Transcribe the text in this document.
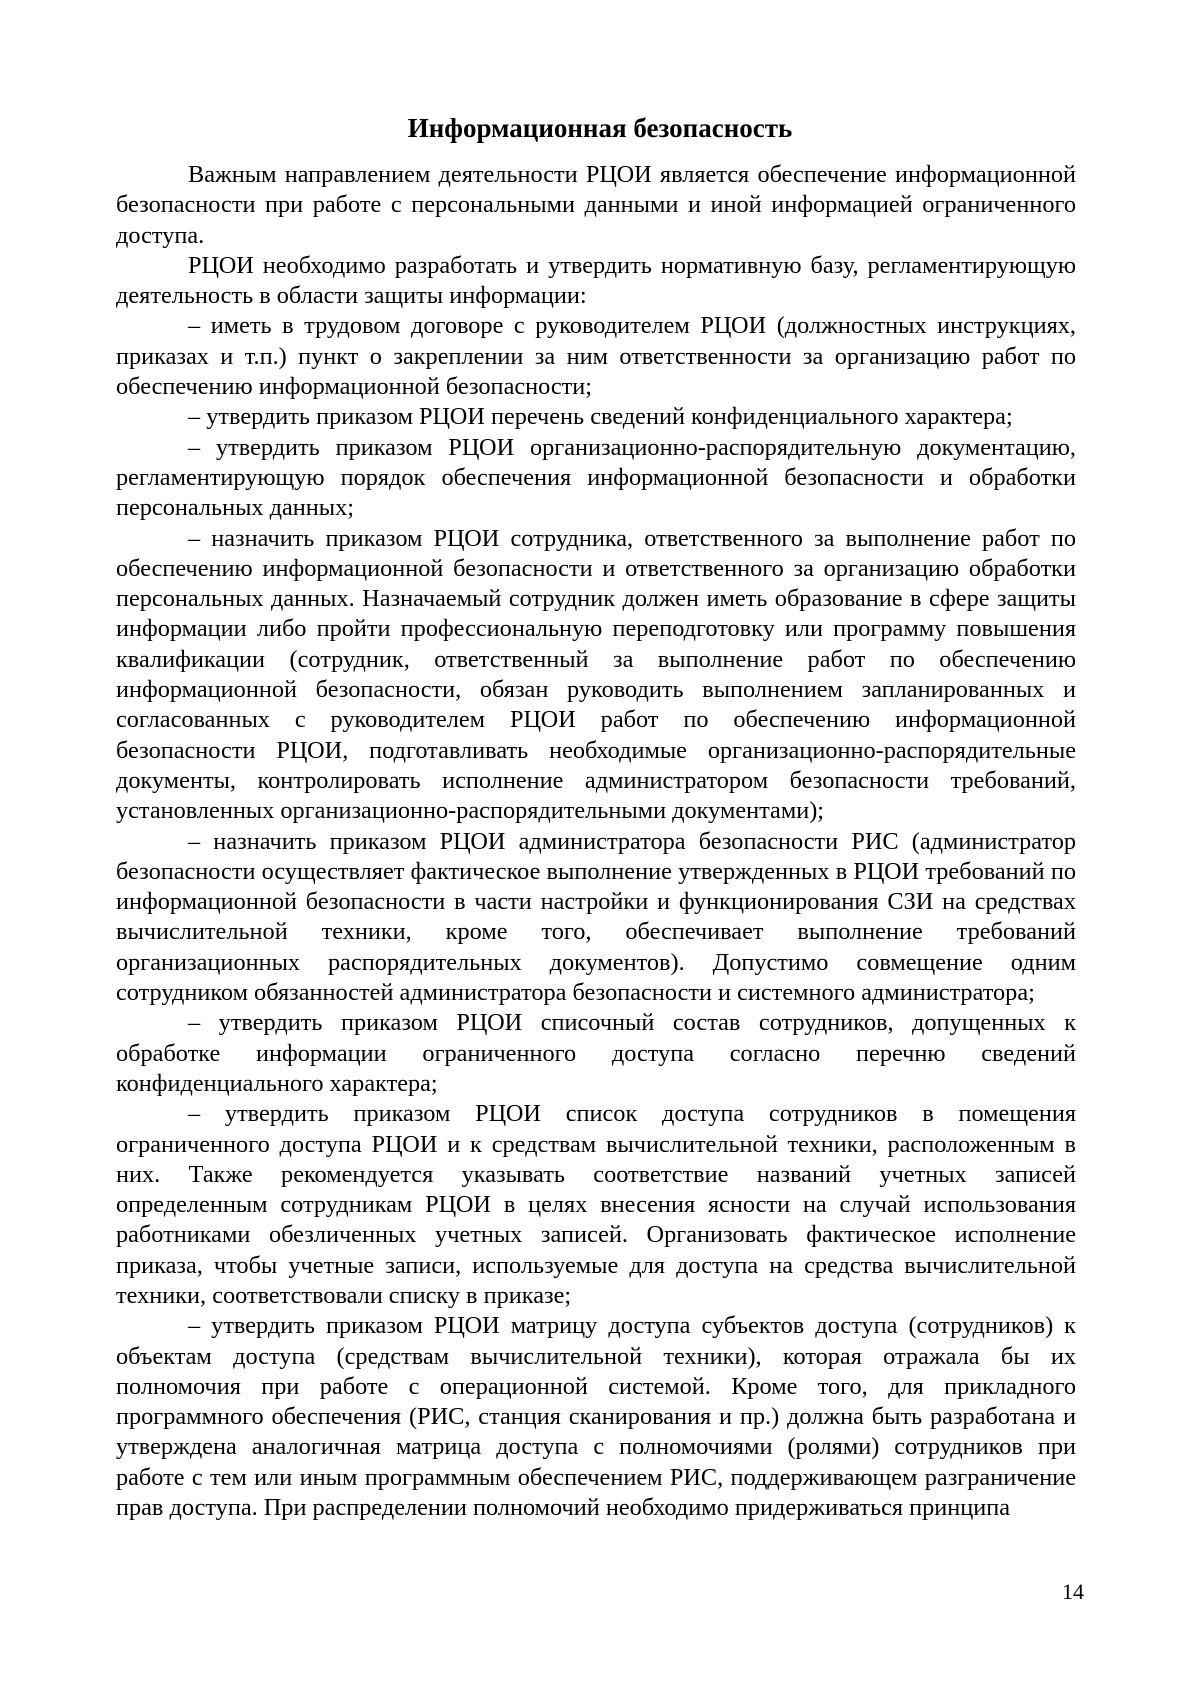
Информационная безопасность

Важным направлением деятельности РЦОИ является обеспечение информационной безопасности при работе с персональными данными и иной информацией ограниченного доступа.

РЦОИ необходимо разработать и утвердить нормативную базу, регламентирующую деятельность в области защиты информации:

– иметь в трудовом договоре с руководителем РЦОИ (должностных инструкциях, приказах и т.п.) пункт о закреплении за ним ответственности за организацию работ по обеспечению информационной безопасности;

– утвердить приказом РЦОИ перечень сведений конфиденциального характера;

– утвердить приказом РЦОИ организационно-распорядительную документацию, регламентирующую порядок обеспечения информационной безопасности и обработки персональных данных;

– назначить приказом РЦОИ сотрудника, ответственного за выполнение работ по обеспечению информационной безопасности и ответственного за организацию обработки персональных данных. Назначаемый сотрудник должен иметь образование в сфере защиты информации либо пройти профессиональную переподготовку или программу повышения квалификации (сотрудник, ответственный за выполнение работ по обеспечению информационной безопасности, обязан руководить выполнением запланированных и согласованных с руководителем РЦОИ работ по обеспечению информационной безопасности РЦОИ, подготавливать необходимые организационно-распорядительные документы, контролировать исполнение администратором безопасности требований, установленных организационно-распорядительными документами);

– назначить приказом РЦОИ администратора безопасности РИС (администратор безопасности осуществляет фактическое выполнение утвержденных в РЦОИ требований по информационной безопасности в части настройки и функционирования СЗИ на средствах вычислительной техники, кроме того, обеспечивает выполнение требований организационных распорядительных документов). Допустимо совмещение одним сотрудником обязанностей администратора безопасности и системного администратора;

– утвердить приказом РЦОИ списочный состав сотрудников, допущенных к обработке информации ограниченного доступа согласно перечню сведений конфиденциального характера;

– утвердить приказом РЦОИ список доступа сотрудников в помещения ограниченного доступа РЦОИ и к средствам вычислительной техники, расположенным в них. Также рекомендуется указывать соответствие названий учетных записей определенным сотрудникам РЦОИ в целях внесения ясности на случай использования работниками обезличенных учетных записей. Организовать фактическое исполнение приказа, чтобы учетные записи, используемые для доступа на средства вычислительной техники, соответствовали списку в приказе;

– утвердить приказом РЦОИ матрицу доступа субъектов доступа (сотрудников) к объектам доступа (средствам вычислительной техники), которая отражала бы их полномочия при работе с операционной системой. Кроме того, для прикладного программного обеспечения (РИС, станция сканирования и пр.) должна быть разработана и утверждена аналогичная матрица доступа с полномочиями (ролями) сотрудников при работе с тем или иным программным обеспечением РИС, поддерживающем разграничение прав доступа. При распределении полномочий необходимо придерживаться принципа

14
